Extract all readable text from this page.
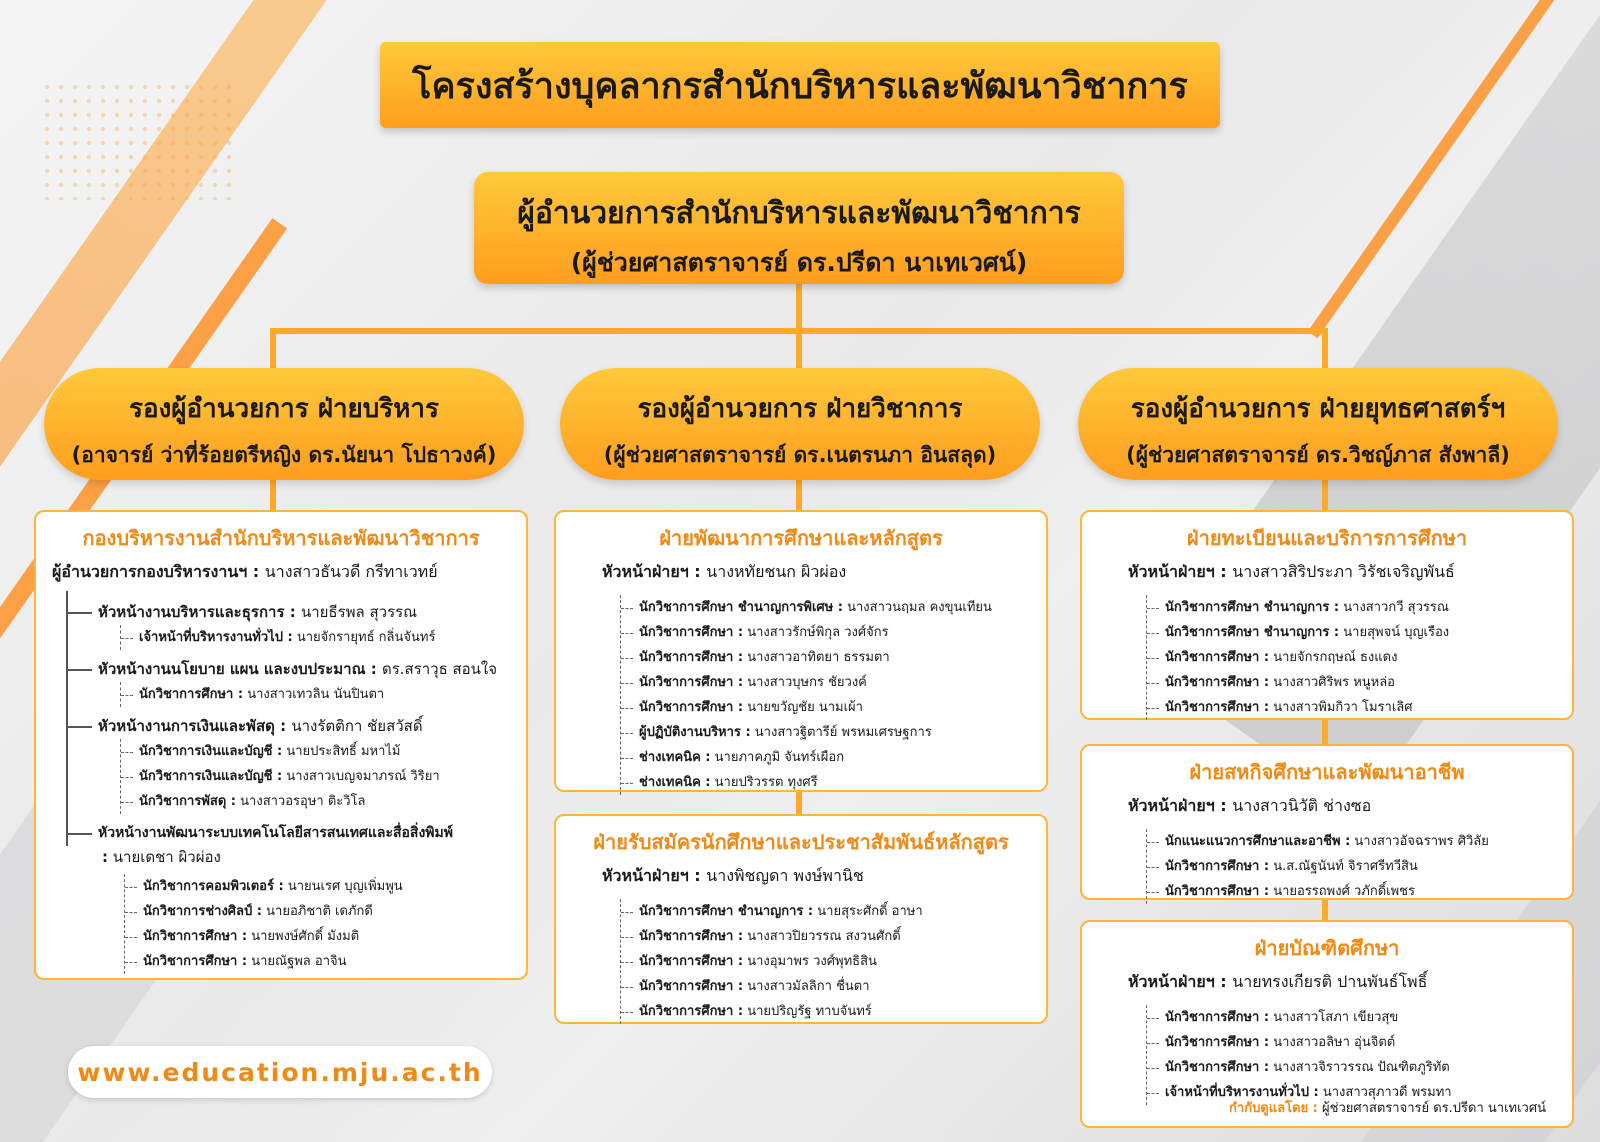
โครงสร้างบุคลากรสำนักบริหารและพัฒนาวิชาการ
ผู้อำนวยการสำนักบริหารและพัฒนาวิชาการ
(ผู้ช่วยศาสตราจารย์ ดร.ปรีดา นาเทเวศน์)
รองผู้อำนวยการ ฝ่ายบริหาร
(อาจารย์ ว่าที่ร้อยตรีหญิง ดร.นัยนา โปธาวงค์)
รองผู้อำนวยการ ฝ่ายวิชาการ
(ผู้ช่วยศาสตราจารย์ ดร.เนตรนภา อินสลุด)
รองผู้อำนวยการ ฝ่ายยุทธศาสตร์ฯ
(ผู้ช่วยศาสตราจารย์ ดร.วิชญ์ภาส สังพาลี)
กองบริหารงานสำนักบริหารและพัฒนาวิชาการ
ผู้อำนวยการกองบริหารงานฯ : นางสาวธันวดี กรีทาเวทย์
หัวหน้างานบริหารและธุรการ : นายธีรพล สุวรรณ
เจ้าหน้าที่บริหารงานทั่วไป : นายจักรายุทธ์ กลิ่นจันทร์
หัวหน้างานนโยบาย แผน และงบประมาณ : ดร.สราวุธ สอนใจ
นักวิชาการศึกษา : นางสาวเทวลิน นันปินตา
หัวหน้างานการเงินและพัสดุ : นางรัตติกา ชัยสวัสดิ์
นักวิชาการเงินและบัญชี : นายประสิทธิ์ มหาไม้
นักวิชาการเงินและบัญชี : นางสาวเบญจมาภรณ์ วิริยา
นักวิชาการพัสดุ : นางสาวอรอุษา ติะวิโล
หัวหน้างานพัฒนาระบบเทคโนโลยีสารสนเทศและสื่อสิ่งพิมพ์
: นายเดชา ผิวผ่อง
นักวิชาการคอมพิวเตอร์ : นายนเรศ บุญเพิ่มพูน
นักวิชาการช่างศิลป์ : นายอภิชาติ เดภักดี
นักวิชาการศึกษา : นายพงษ์ศักดิ์ มังมติ
นักวิชาการศึกษา : นายณัฐพล อาจิน
ฝ่ายพัฒนาการศึกษาและหลักสูตร
หัวหน้าฝ่ายฯ : นางหทัยชนก ผิวผ่อง
นักวิชาการศึกษา ชำนาญการพิเศษ : นางสาวนฤมล คงขุนเทียน
นักวิชาการศึกษา : นางสาวรักษ์พิกุล วงศ์จักร
นักวิชาการศึกษา : นางสาวอาทิตยา ธรรมตา
นักวิชาการศึกษา : นางสาวบุษกร ชัยวงค์
นักวิชาการศึกษา : นายขวัญชัย นามเผ้า
ผู้ปฏิบัติงานบริหาร : นางสาวฐิตารีย์ พรหมเศรษฐการ
ช่างเทคนิค : นายภาคภูมิ จันทร์เผือก
ช่างเทคนิค : นายปริวรรต ทุงศรี
ฝ่ายรับสมัครนักศึกษาและประชาสัมพันธ์หลักสูตร
หัวหน้าฝ่ายฯ : นางพิชญดา พงษ์พานิช
นักวิชาการศึกษา ชำนาญการ : นายสุระศักดิ์ อาษา
นักวิชาการศึกษา : นางสาวปิยวรรณ สงวนศักดิ์
นักวิชาการศึกษา : นางอุมาพร วงศ์พุทธิสิน
นักวิชาการศึกษา : นางสาวมัลลิกา ชื่นตา
นักวิชาการศึกษา : นายปริญรัฐ ทาบจันทร์
ฝ่ายทะเบียนและบริการการศึกษา
หัวหน้าฝ่ายฯ : นางสาวสิริประภา วิรัชเจริญพันธ์
นักวิชาการศึกษา ชำนาญการ : นางสาวกวี สุวรรณ
นักวิชาการศึกษา ชำนาญการ : นายสุพจน์ บุญเรือง
นักวิชาการศึกษา : นายจักรกฤษณ์ ธงแดง
นักวิชาการศึกษา : นางสาวศิริพร หนูหล่อ
นักวิชาการศึกษา : นางสาวพิมกิวา โมราเลิศ
ฝ่ายสหกิจศึกษาและพัฒนาอาชีพ
หัวหน้าฝ่ายฯ : นางสาวนิวัติ ช่างซอ
นักแนะแนวการศึกษาและอาชีพ : นางสาวอัจฉราพร ศิวิลัย
นักวิชาการศึกษา : น.ส.ณัฐนันท์ จิราศรีทวีสิน
นักวิชาการศึกษา : นายอรรถพงศ์ วภักดิ์เพชร
ฝ่ายบัณฑิตศึกษา
หัวหน้าฝ่ายฯ : นายทรงเกียรติ ปานพันธ์โพธิ์
นักวิชาการศึกษา : นางสาวโสภา เขียวสุข
นักวิชาการศึกษา : นางสาวอลิษา อุ่นจิตต์
นักวิชาการศึกษา : นางสาวจิราวรรณ ปัณฑิตภูริทัต
เจ้าหน้าที่บริหารงานทั่วไป : นางสาวสุภาวดี พรมทา
กำกับดูแลโดย : ผู้ช่วยศาสตราจารย์ ดร.ปรีดา นาเทเวศน์
www.education.mju.ac.th
